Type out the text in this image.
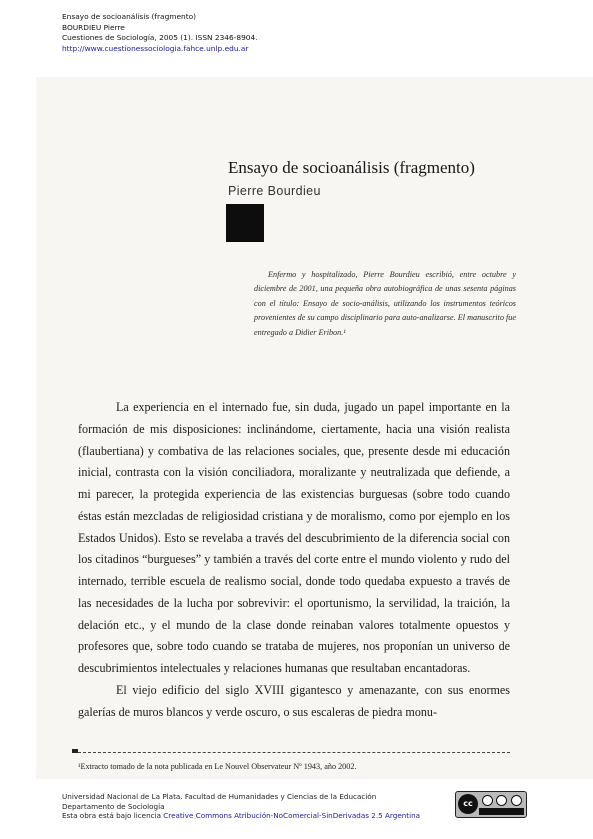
Ensayo de socioanálisis (fragmento)
BOURDIEU Pierre
Cuestiones de Sociología, 2005 (1). ISSN 2346-8904.
http://www.cuestionessociologia.fahce.unlp.edu.ar
Ensayo de socioanálisis (fragmento)
Pierre Bourdieu
Enfermo y hospitalizado, Pierre Bourdieu escribió, entre octubre y diciembre de 2001, una pequeña obra autobiográfica de unas sesenta páginas con el título: Ensayo de socio-análisis, utilizando los instrumentos teóricos provenientes de su campo disciplinario para auto-analizarse. El manuscrito fue entregado a Didier Eribon.¹

La experiencia en el internado fue, sin duda, jugado un papel importante en la formación de mis disposiciones: inclinándome, ciertamente, hacia una visión realista (flaubertiana) y combativa de las relaciones sociales, que, presente desde mi educación inicial, contrasta con la visión conciliadora, moralizante y neutralizada que defiende, a mi parecer, la protegida experiencia de las existencias burguesas (sobre todo cuando éstas están mezcladas de religiosidad cristiana y de moralismo, como por ejemplo en los Estados Unidos). Esto se revelaba a través del descubrimiento de la diferencia social con los citadinos “burgueses” y también a través del corte entre el mundo violento y rudo del internado, terrible escuela de realismo social, donde todo quedaba expuesto a través de las necesidades de la lucha por sobrevivir: el oportunismo, la servilidad, la traición, la delación etc., y el mundo de la clase donde reinaban valores totalmente opuestos y profesores que, sobre todo cuando se trataba de mujeres, nos proponían un universo de descubrimientos intelectuales y relaciones humanas que resultaban encantadoras.

El viejo edificio del siglo XVIII gigantesco y amenazante, con sus enormes galerías de muros blancos y verde oscuro, o sus escaleras de piedra monu-

¹Extracto tomado de la nota publicada en Le Nouvel Observateur Nº 1943, año 2002.
Universidad Nacional de La Plata. Facultad de Humanidades y Ciencias de la Educación
Departamento de Sociología
Esta obra está bajo licencia Creative Commons Atribución-NoComercial-SinDerivadas 2.5 Argentina
cc
